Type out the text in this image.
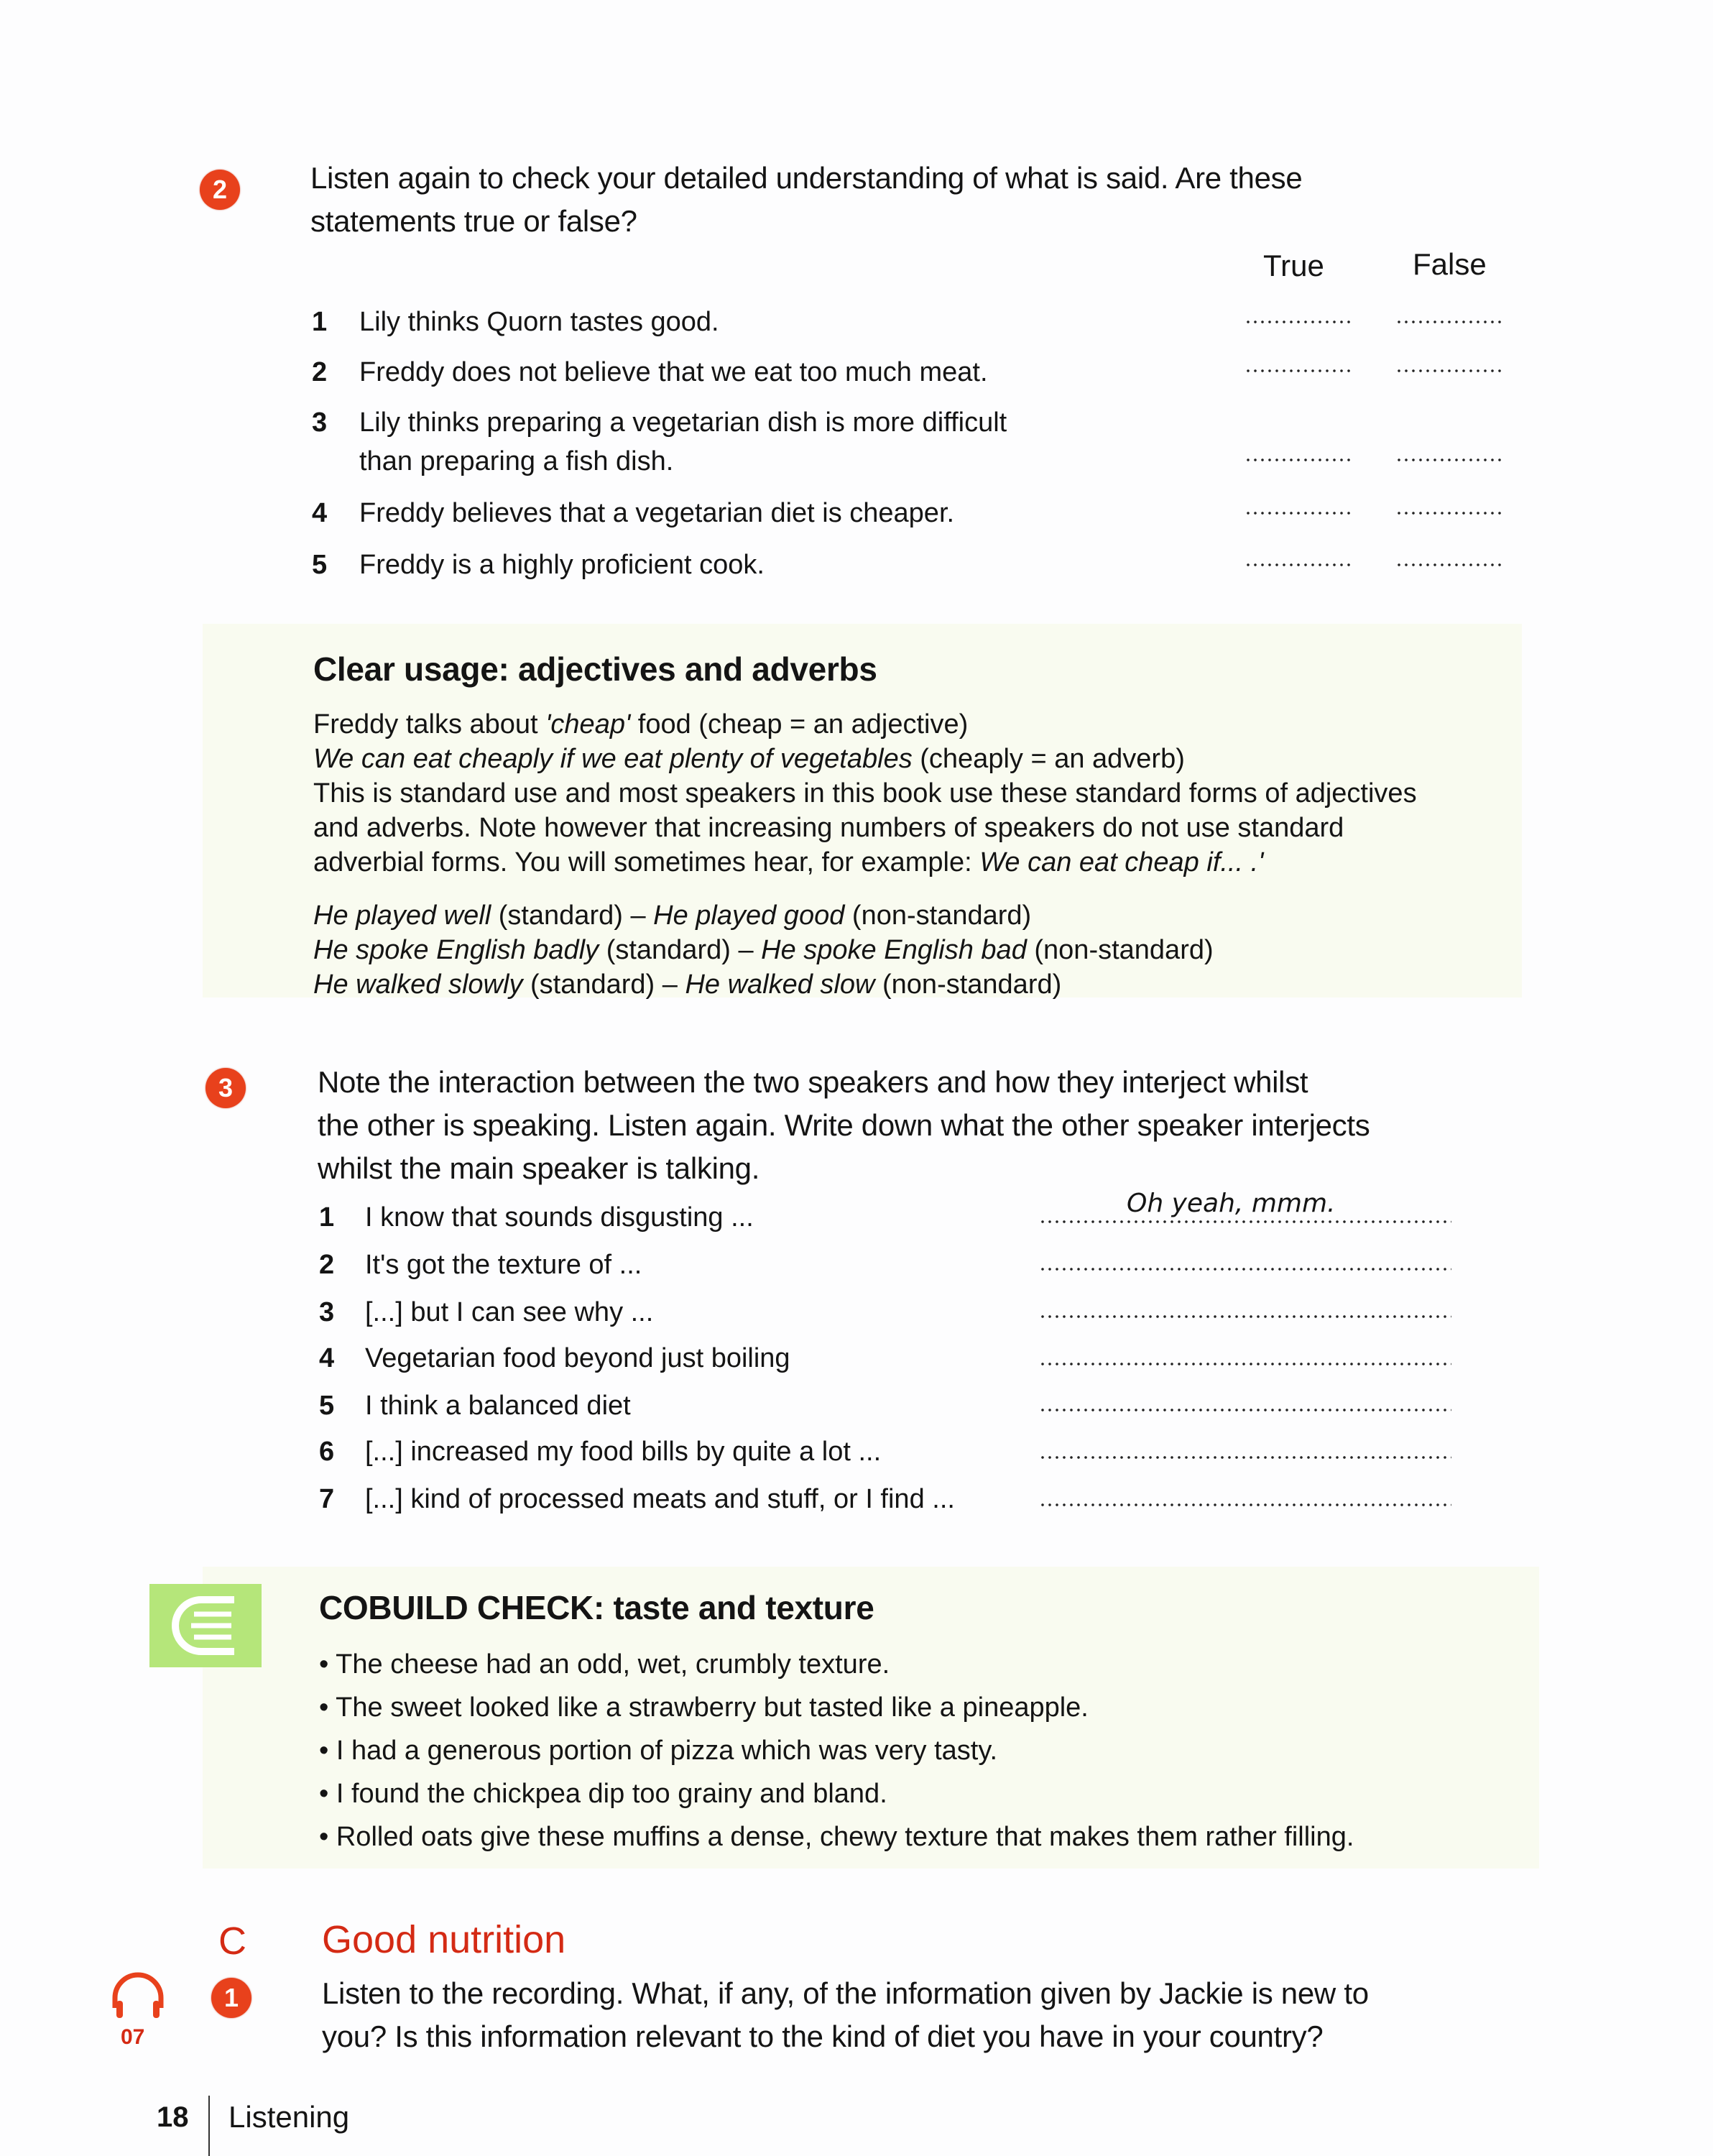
2	Listen again to check your detailed understanding of what is said. Are these
statements true or false?
True	False
1 Lily thinks Quorn tastes good.
2 Freddy does not believe that we eat too much meat.
3 Lily thinks preparing a vegetarian dish is more difficult
than preparing a fish dish.
4 Freddy believes that a vegetarian diet is cheaper.
5 Freddy is a highly proficient cook.
Clear usage: adjectives and adverbs

Freddy talks about 'cheap' food (cheap = an adjective)

We can eat cheaply if we eat plenty of vegetables (cheaply = an adverb)

This is standard use and most speakers in this book use these standard forms of adjectives

and adverbs. Note however that increasing numbers of speakers do not use standard

adverbial forms. You will sometimes hear, for example: We can eat cheap if... .'

He played well (standard) – He played good (non-standard)

He spoke English badly (standard) – He spoke English bad (non-standard)

He walked slowly (standard) – He walked slow (non-standard)

3	Note the interaction between the two speakers and how they interject whilst
the other is speaking. Listen again. Write down what the other speaker interjects
whilst the main speaker is talking.
1 I know that sounds disgusting ...	Oh yeah, mmm.
2 It's got the texture of ...
3 [...] but I can see why ...
4 Vegetarian food beyond just boiling
5 I think a balanced diet
6 [...] increased my food bills by quite a lot ...
7 [...] kind of processed meats and stuff, or I find ...
COBUILD CHECK: taste and texture
• The cheese had an odd, wet, crumbly texture.
• The sweet looked like a strawberry but tasted like a pineapple.
• I had a generous portion of pizza which was very tasty.
• I found the chickpea dip too grainy and bland.
• Rolled oats give these muffins a dense, chewy texture that makes them rather filling.
C Good nutrition
07
1	Listen to the recording. What, if any, of the information given by Jackie is new to
you? Is this information relevant to the kind of diet you have in your country?
18 Listening
